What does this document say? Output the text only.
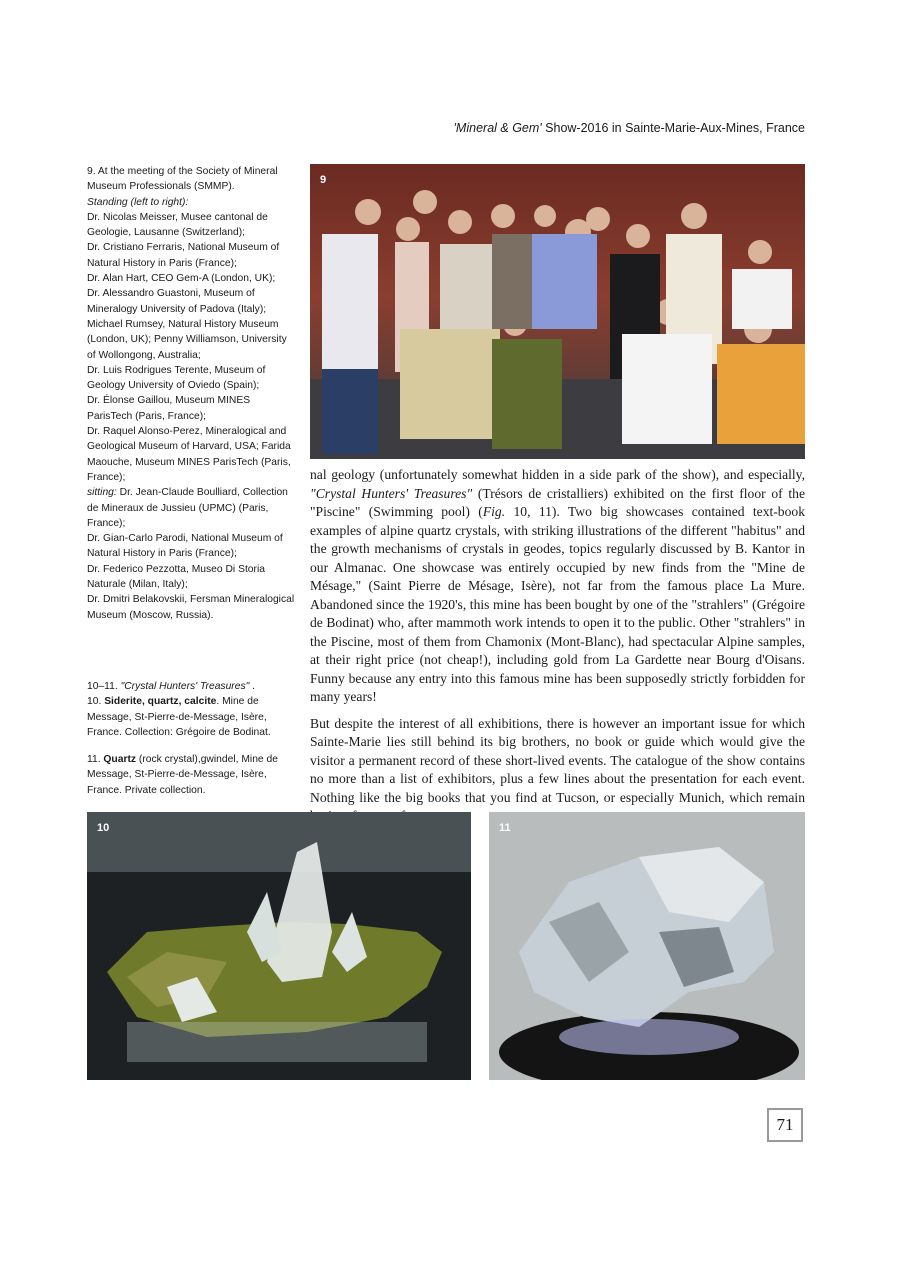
'Mineral & Gem' Show-2016 in Sainte-Marie-Aux-Mines, France

9. At the meeting of the Society of Mineral Museum Professionals (SMMP).

Standing (left to right):

Dr. Nicolas Meisser, Musee cantonal de Geologie, Lausanne (Switzerland);

Dr. Cristiano Ferraris, National Museum of Natural History in Paris (France);

Dr. Alan Hart, CEO Gem-A (London, UK);

Dr. Alessandro Guastoni, Museum of Mineralogy University of Padova (Italy);

Michael Rumsey, Natural History Museum (London, UK); Penny Williamson, University of Wollongong, Australia;

Dr. Luis Rodrigues Terente, Museum of Geology University of Oviedo (Spain);

Dr. Élonse Gaillou, Museum MINES ParisTech (Paris, France);

Dr. Raquel Alonso-Perez, Mineralogical and Geological Museum of Harvard, USA; Farida Maouche, Museum MINES ParisTech (Paris, France);

sitting: Dr. Jean-Claude Boulliard, Collection de Mineraux de Jussieu (UPMC) (Paris, France);

Dr. Gian-Carlo Parodi, National Museum of Natural History in Paris (France);

Dr. Federico Pezzotta, Museo Di Storia Naturale (Milan, Italy);

Dr. Dmitri Belakovskii, Fersman Mineralogical Museum (Moscow, Russia).

10–11. "Crystal Hunters' Treasures" .

10. Siderite, quartz, calcite. Mine de Message, St-Pierre-de-Message, Isère, France. Collection: Grégoire de Bodinat.

11. Quartz (rock crystal),gwindel, Mine de Message, St-Pierre-de-Message, Isère, France. Private collection.

9

nal geology (unfortunately somewhat hidden in a side park of the show), and especially, "Crystal Hunters' Treasures" (Trésors de cristalliers) exhibited on the first floor of the "Piscine" (Swimming pool) (Fig. 10, 11). Two big showcases contained text-book examples of alpine quartz crystals, with striking illustrations of the different "habitus" and the growth mechanisms of crystals in geodes, topics regularly discussed by B. Kantor in our Almanac. One showcase was entirely occupied by new finds from the "Mine de Mésage," (Saint Pierre de Mésage, Isère), not far from the famous place La Mure. Abandoned since the 1920's, this mine has been bought by one of the "strahlers" (Grégoire de Bodinat) who, after mammoth work intends to open it to the public. Other "strahlers" in the Piscine, most of them from Chamonix (Mont-Blanc), had spectacular Alpine samples, at their right price (not cheap!), including gold from La Gardette near Bourg d'Oisans. Funny because any entry into this famous mine has been supposedly strictly forbidden for many years!

But despite the interest of all exhibitions, there is however an important issue for which Sainte-Marie lies still behind its big brothers, no book or guide which would give the visitor a permanent record of these short-lived events. The catalogue of the show contains no more than a list of exhibitors, plus a few lines about the presentation for each event. Nothing like the big books that you find at Tucson, or especially Munich, which remain

10	11
71
